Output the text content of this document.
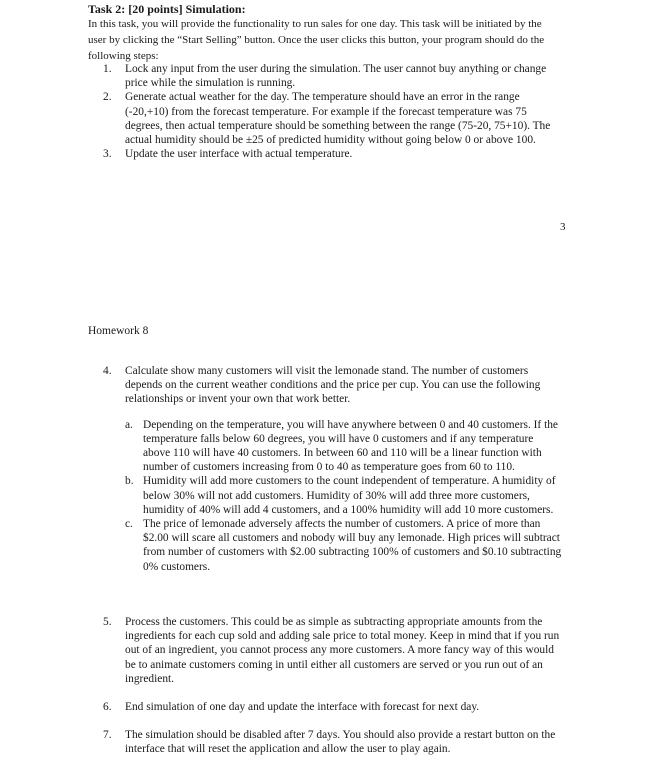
Task 2: [20 points] Simulation:
In this task, you will provide the functionality to run sales for one day. This task will be initiated by the user by clicking the “Start Selling” button. Once the user clicks this button, your program should do the following steps:
1.	Lock any input from the user during the simulation. The user cannot buy anything or change price while the simulation is running.
2.	Generate actual weather for the day. The temperature should have an error in the range (-20,+10) from the forecast temperature. For example if the forecast temperature was 75 degrees, then actual temperature should be something between the range (75-20, 75+10). The actual humidity should be ±25 of predicted humidity without going below 0 or above 100.
3.	Update the user interface with actual temperature.
3
Homework 8
4.	Calculate show many customers will visit the lemonade stand. The number of customers depends on the current weather conditions and the price per cup. You can use the following relationships or invent your own that work better.
a. Depending on the temperature, you will have anywhere between 0 and 40 customers. If the temperature falls below 60 degrees, you will have 0 customers and if any temperature above 110 will have 40 customers. In between 60 and 110 will be a linear function with number of customers increasing from 0 to 40 as temperature goes from 60 to 110.
b. Humidity will add more customers to the count independent of temperature. A humidity of below 30% will not add customers. Humidity of 30% will add three more customers, humidity of 40% will add 4 customers, and a 100% humidity will add 10 more customers.
c. The price of lemonade adversely affects the number of customers. A price of more than $2.00 will scare all customers and nobody will buy any lemonade. High prices will subtract from number of customers with $2.00 subtracting 100% of customers and $0.10 subtracting 0% customers.
5.	Process the customers. This could be as simple as subtracting appropriate amounts from the ingredients for each cup sold and adding sale price to total money. Keep in mind that if you run out of an ingredient, you cannot process any more customers. A more fancy way of this would be to animate customers coming in until either all customers are served or you run out of an ingredient.
6.	End simulation of one day and update the interface with forecast for next day.
7.	The simulation should be disabled after 7 days. You should also provide a restart button on the interface that will reset the application and allow the user to play again.
